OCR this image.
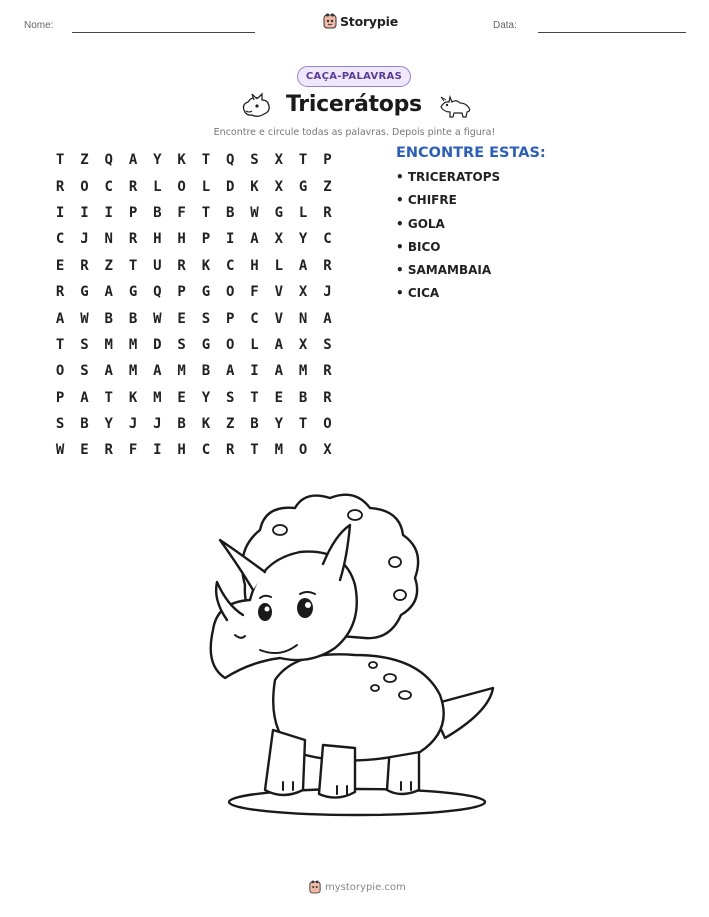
Nome:	Storypie	Data:
CAÇA-PALAVRAS
Tricerátops
Encontre e circule todas as palavras. Depois pinte a figura!
T	Z	Q	A	Y	K	T	Q	S	X	T	P
R	O	C	R	L	O	L	D	K	X	G	Z
I	I	I	P	B	F	T	B	W	G	L	R
C	J	N	R	H	H	P	I	A	X	Y	C
E	R	Z	T	U	R	K	C	H	L	A	R
R	G	A	G	Q	P	G	O	F	V	X	J
A	W	B	B	W	E	S	P	C	V	N	A
T	S	M	M	D	S	G	O	L	A	X	S
O	S	A	M	A	M	B	A	I	A	M	R
P	A	T	K	M	E	Y	S	T	E	B	R
S	B	Y	J	J	B	K	Z	B	Y	T	O
W	E	R	F	I	H	C	R	T	M	O	X
ENCONTRE ESTAS:
• TRICERATOPS
• CHIFRE
• GOLA
• BICO
• SAMAMBAIA
• CICA
mystorypie.com
